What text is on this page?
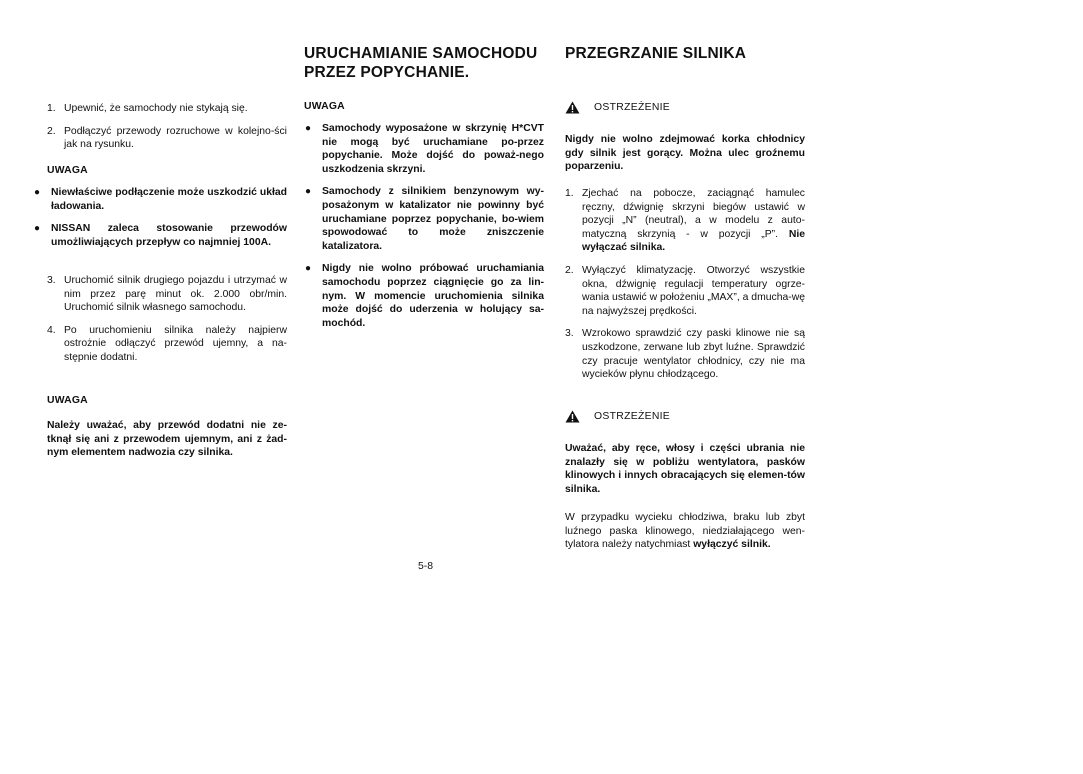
URUCHAMIANIE SAMOCHODU
PRZEZ POPYCHANIE.
PRZEGRZANIE SILNIKA
1. Upewnić, że samochody nie stykają się.
2. Podłączyć przewody rozruchowe w kolejno-ści jak na rysunku.
UWAGA
●	Niewłaściwe podłączenie może uszkodzić układ ładowania.
●	NISSAN zaleca stosowanie przewodów umożliwiających przepływ co najmniej 100A.
3. Uruchomić silnik drugiego pojazdu i utrzymać w nim przez parę minut ok. 2.000 obr/min. Uruchomić silnik własnego samochodu.
4. Po uruchomieniu silnika należy najpierw ostrożnie odłączyć przewód ujemny, a na-stępnie dodatni.
UWAGA
Należy uważać, aby przewód dodatni nie ze-tknął się ani z przewodem ujemnym, ani z żad-nym elementem nadwozia czy silnika.
UWAGA
●	Samochody wyposażone w skrzynię H*CVT nie mogą być uruchamiane po-przez popychanie. Może dojść do poważ-nego uszkodzenia skrzyni.
●	Samochody z silnikiem benzynowym wy-posażonym w katalizator nie powinny być uruchamiane poprzez popychanie, bo-wiem spowodować to może zniszczenie katalizatora.
●	Nigdy nie wolno próbować uruchamiania samochodu poprzez ciągnięcie go za lin-nym. W momencie uruchomienia silnika może dojść do uderzenia w holujący sa-mochód.
OSTRZEŻENIE
Nigdy nie wolno zdejmować korka chłodnicy gdy silnik jest gorący. Można ulec groźnemu poparzeniu.
1. Zjechać na pobocze, zaciągnąć hamulec ręczny, dźwignię skrzyni biegów ustawić w pozycji „N” (neutral), a w modelu z auto-matyczną skrzynią - w pozycji „P”. Nie wyłączać silnika.
2. Wyłączyć klimatyzację. Otworzyć wszystkie okna, dźwignię regulacji temperatury ogrze-wania ustawić w położeniu „MAX”, a dmucha-wę na najwyższej prędkości.
3. Wzrokowo sprawdzić czy paski klinowe nie są uszkodzone, zerwane lub zbyt luźne. Sprawdzić czy pracuje wentylator chłodnicy, czy nie ma wycieków płynu chłodzącego.
OSTRZEŻENIE
Uważać, aby ręce, włosy i części ubrania nie znalazły się w pobliżu wentylatora, pasków klinowych i innych obracających się elemen-tów silnika.
W przypadku wycieku chłodziwa, braku lub zbyt luźnego paska klinowego, niedziałającego wen-tylatora należy natychmiast wyłączyć silnik.
5-8
